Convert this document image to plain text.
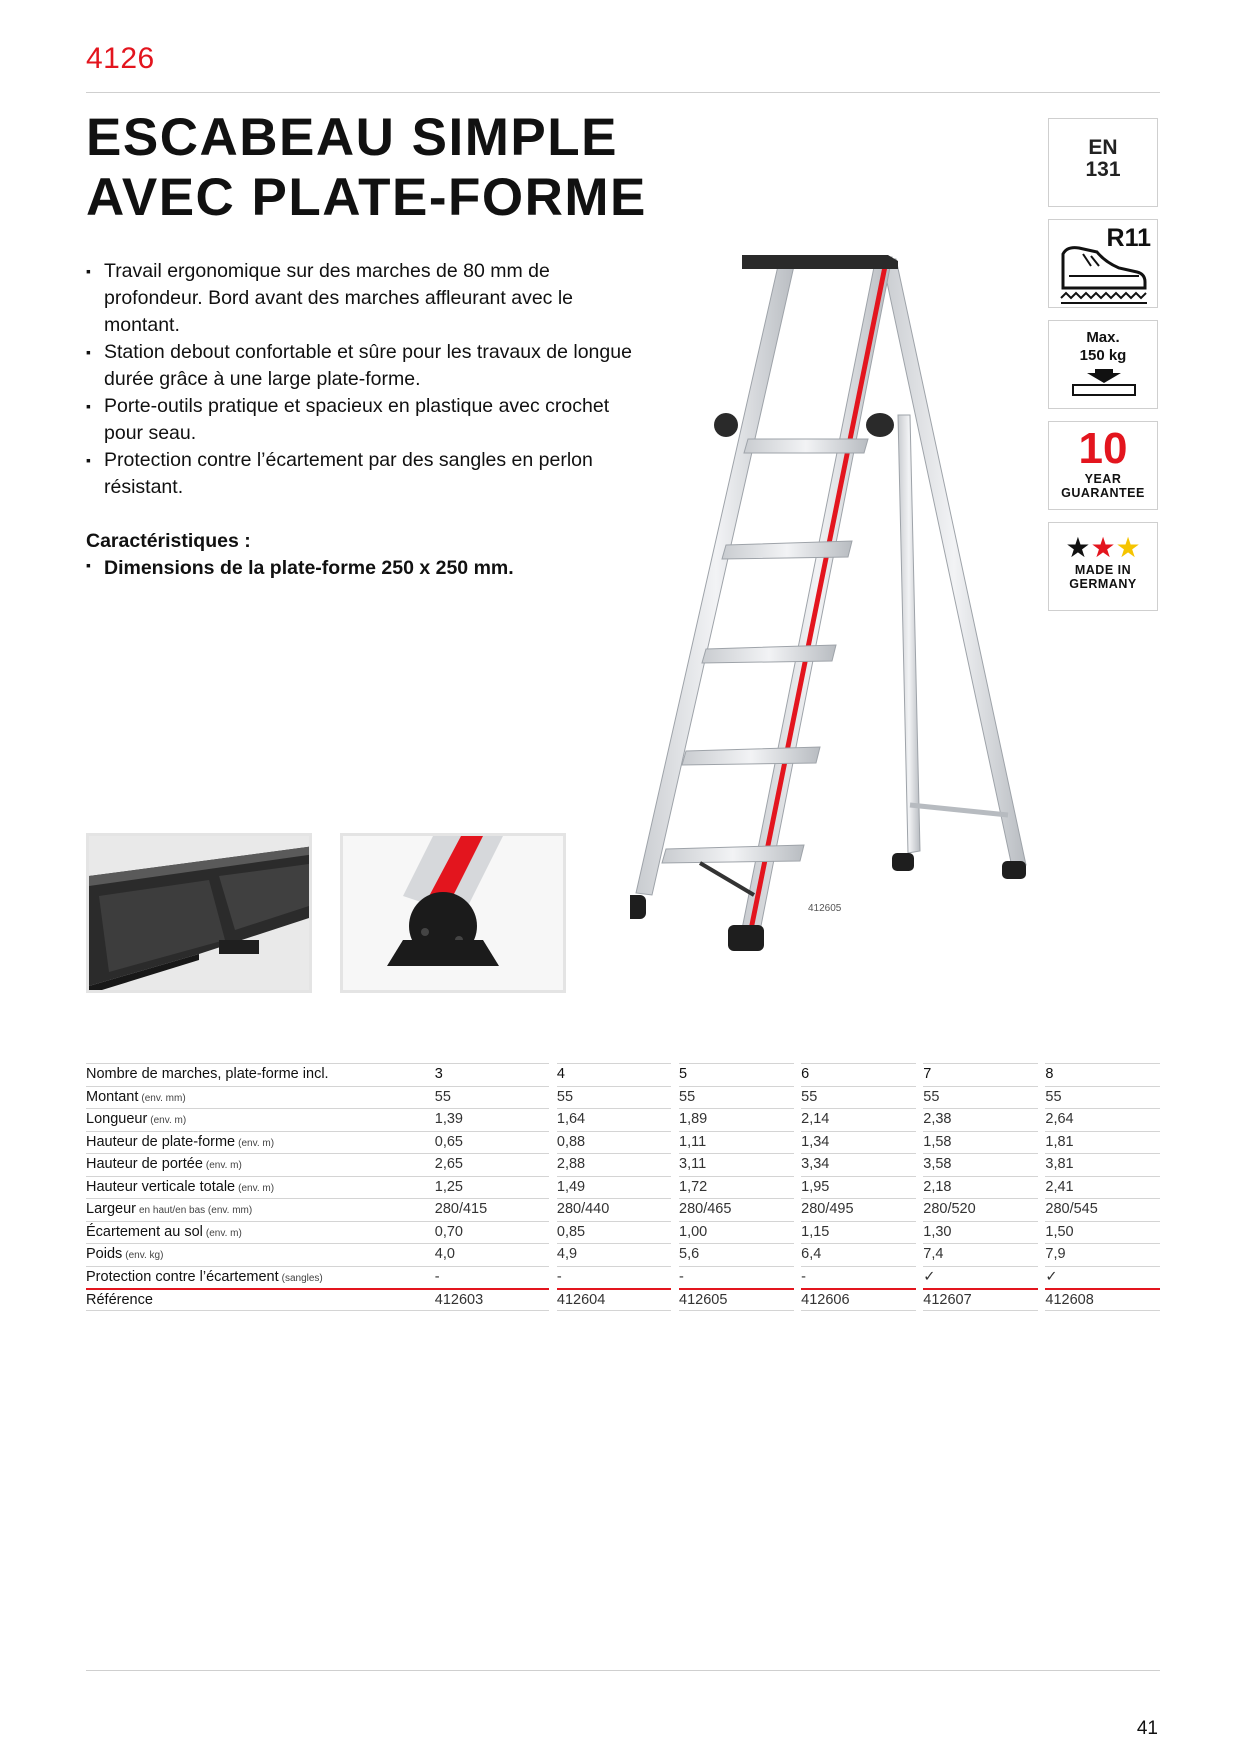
4126
ESCABEAU SIMPLE
AVEC PLATE-FORME
▪ Travail ergonomique sur des marches de 80 mm de profondeur. Bord avant des marches affleurant avec le montant.
▪ Station debout confortable et sûre pour les travaux de longue durée grâce à une large plate-forme.
▪ Porte-outils pratique et spacieux en plastique avec crochet pour seau.
▪ Protection contre l’écartement par des sangles en perlon résistant.
Caractéristiques :
▪ Dimensions de la plate-forme 250 x 250 mm.
EN
131
R11
Max.
150 kg
10
YEAR
GUARANTEE
★★★
MADE IN
GERMANY
412605
Nombre de marches, plate-forme incl.	3		4		5		6		7		8
Montant (env. mm)	55		55		55		55		55		55
Longueur (env. m)	1,39		1,64		1,89		2,14		2,38		2,64
Hauteur de plate-forme (env. m)	0,65		0,88		1,11		1,34		1,58		1,81
Hauteur de portée (env. m)	2,65		2,88		3,11		3,34		3,58		3,81
Hauteur verticale totale (env. m)	1,25		1,49		1,72		1,95		2,18		2,41
Largeur en haut/en bas (env. mm)	280/415		280/440		280/465		280/495		280/520		280/545
Écartement au sol (env. m)	0,70		0,85		1,00		1,15		1,30		1,50
Poids (env. kg)	4,0		4,9		5,6		6,4		7,4		7,9
Protection contre l’écartement (sangles)	-		-		-		-		✓		✓
Référence	412603		412604		412605		412606		412607		412608
41
